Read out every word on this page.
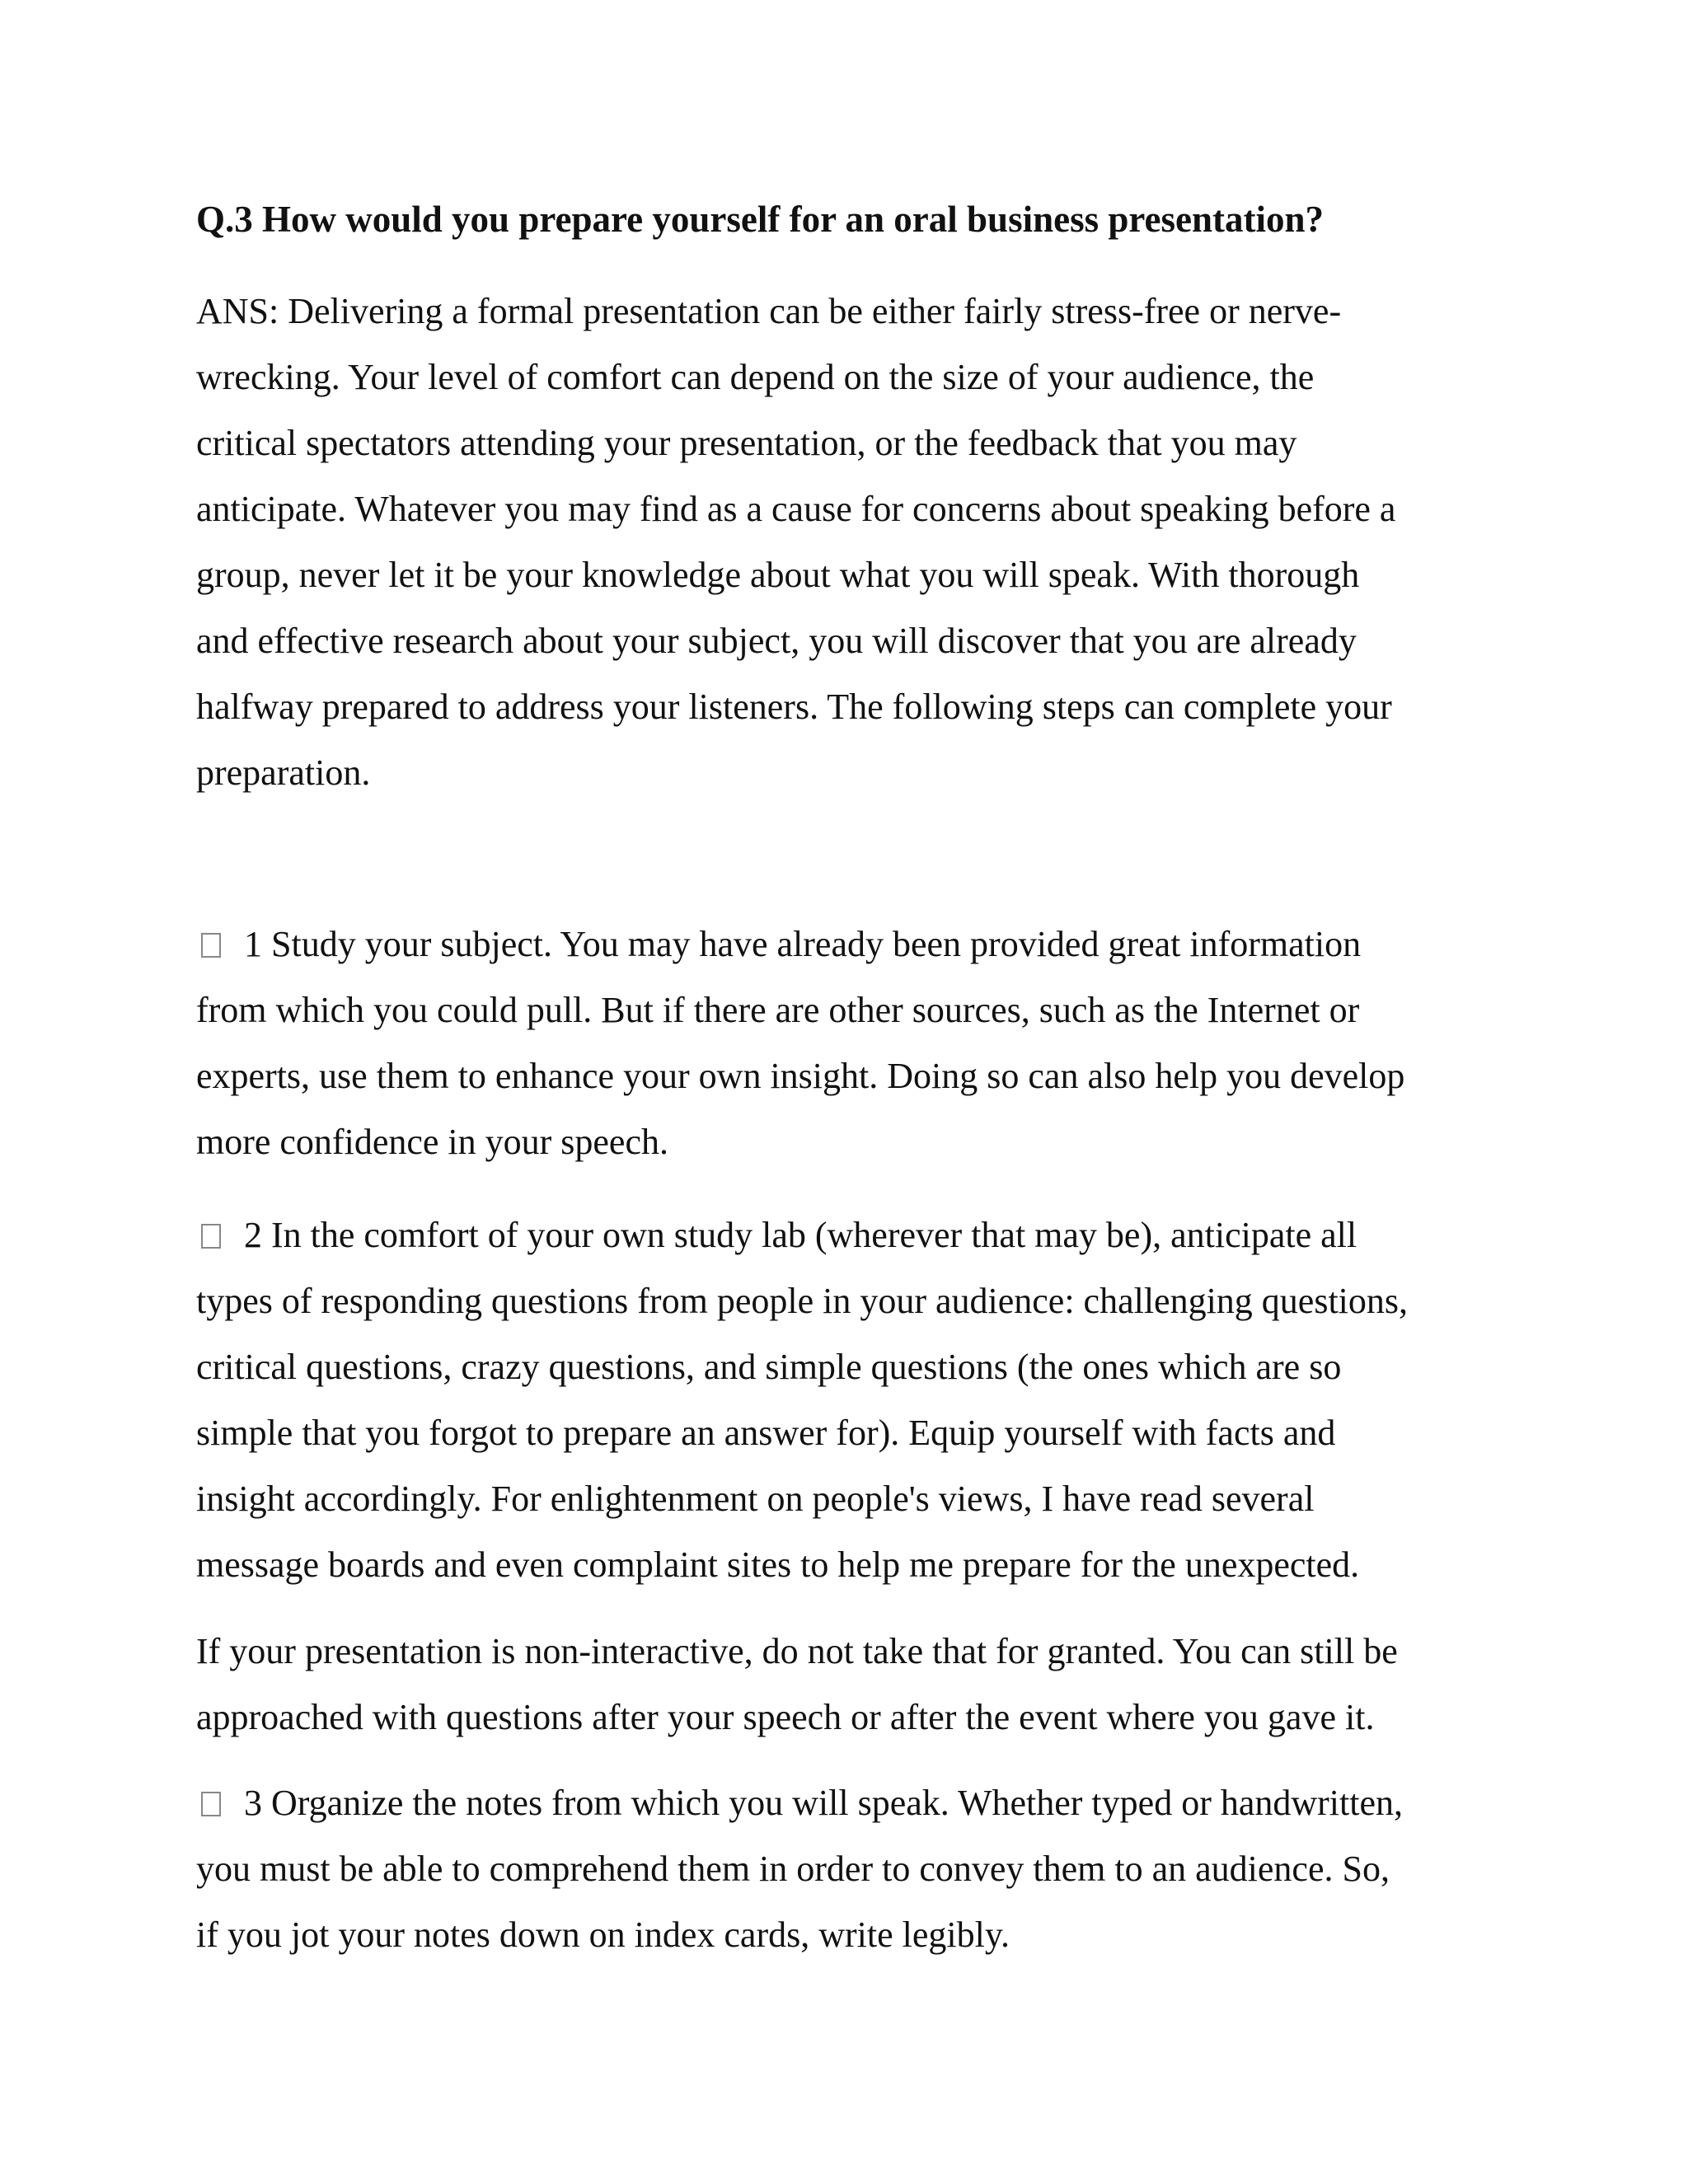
Q.3 How would you prepare yourself for an oral business presentation?

ANS: Delivering a formal presentation can be either fairly stress-free or nerve-
wrecking. Your level of comfort can depend on the size of your audience, the
critical spectators attending your presentation, or the feedback that you may
anticipate. Whatever you may find as a cause for concerns about speaking before a
group, never let it be your knowledge about what you will speak. With thorough
and effective research about your subject, you will discover that you are already
halfway prepared to address your listeners. The following steps can complete your
preparation.

1 Study your subject. You may have already been provided great information
from which you could pull. But if there are other sources, such as the Internet or
experts, use them to enhance your own insight. Doing so can also help you develop
more confidence in your speech.

2 In the comfort of your own study lab (wherever that may be), anticipate all
types of responding questions from people in your audience: challenging questions,
critical questions, crazy questions, and simple questions (the ones which are so
simple that you forgot to prepare an answer for). Equip yourself with facts and
insight accordingly. For enlightenment on people's views, I have read several
message boards and even complaint sites to help me prepare for the unexpected.

If your presentation is non-interactive, do not take that for granted. You can still be
approached with questions after your speech or after the event where you gave it.

3 Organize the notes from which you will speak. Whether typed or handwritten,
you must be able to comprehend them in order to convey them to an audience. So,
if you jot your notes down on index cards, write legibly.
